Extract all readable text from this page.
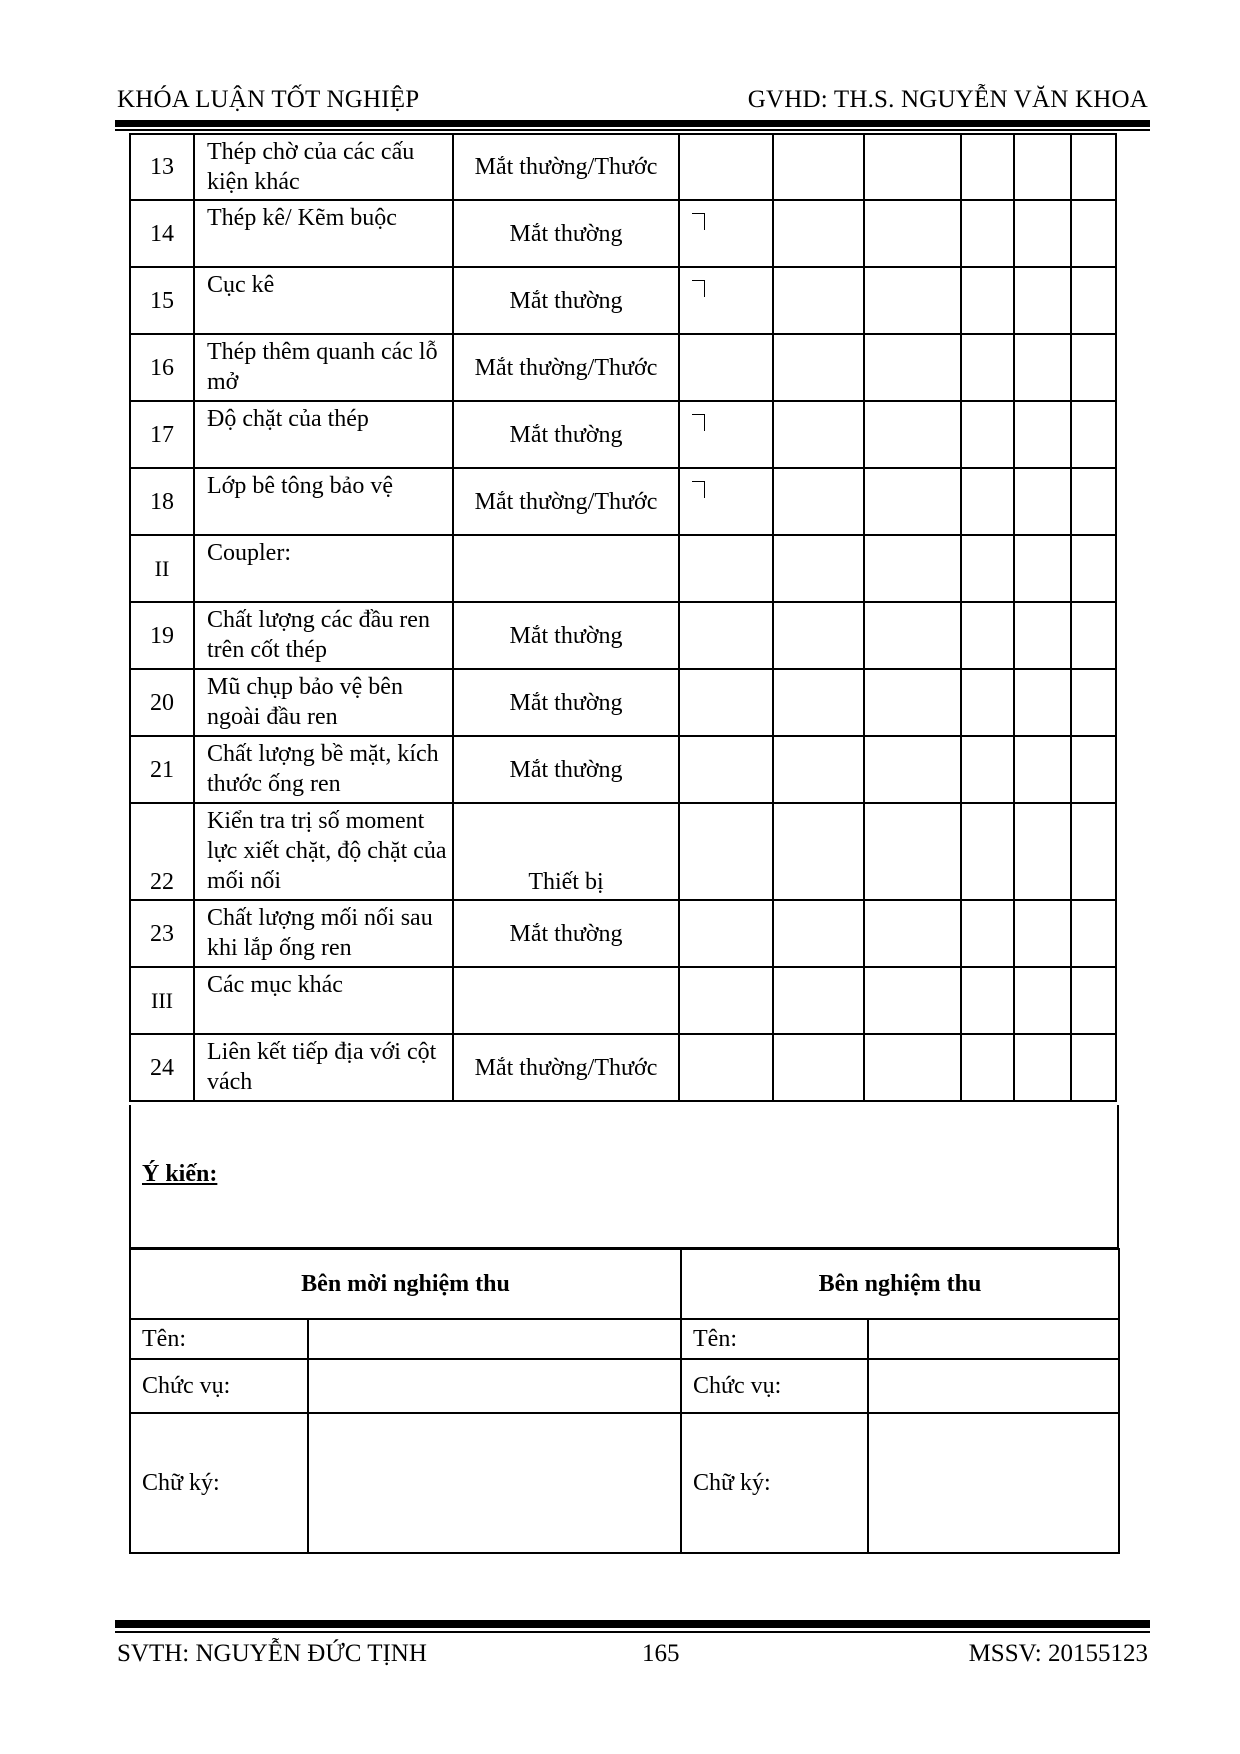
KHÓA LUẬN TỐT NGHIỆP	GVHD: TH.S. NGUYỄN VĂN KHOA
13	Thép chờ của các cấu kiện khác	Mắt thường/Thước						
14	Thép kê/ Kẽm buộc	Mắt thường	

15	Cục kê	Mắt thường	

16	Thép thêm quanh các lỗ mở	Mắt thường/Thước						
17	Độ chặt của thép	Mắt thường	

18	Lớp bê tông bảo vệ	Mắt thường/Thước	

II	Coupler:							
19	Chất lượng các đầu ren trên cốt thép	Mắt thường						
20	Mũ chụp bảo vệ bên ngoài đầu ren	Mắt thường						
21	Chất lượng bề mặt, kích thước ống ren	Mắt thường						
22	Kiển tra trị số moment lực xiết chặt, độ chặt của mối nối	Thiết bị						
23	Chất lượng mối nối sau khi lắp ống ren	Mắt thường						
III	Các mục khác							
24	Liên kết tiếp địa với cột vách	Mắt thường/Thước						
Ý kiến:
Bên mời nghiệm thu		Bên nghiệm thu	
Tên:		Tên:	
Chức vụ:		Chức vụ:	
Chữ ký:		Chữ ký:	
SVTH: NGUYỄN ĐỨC TỊNH	165	MSSV: 20155123
